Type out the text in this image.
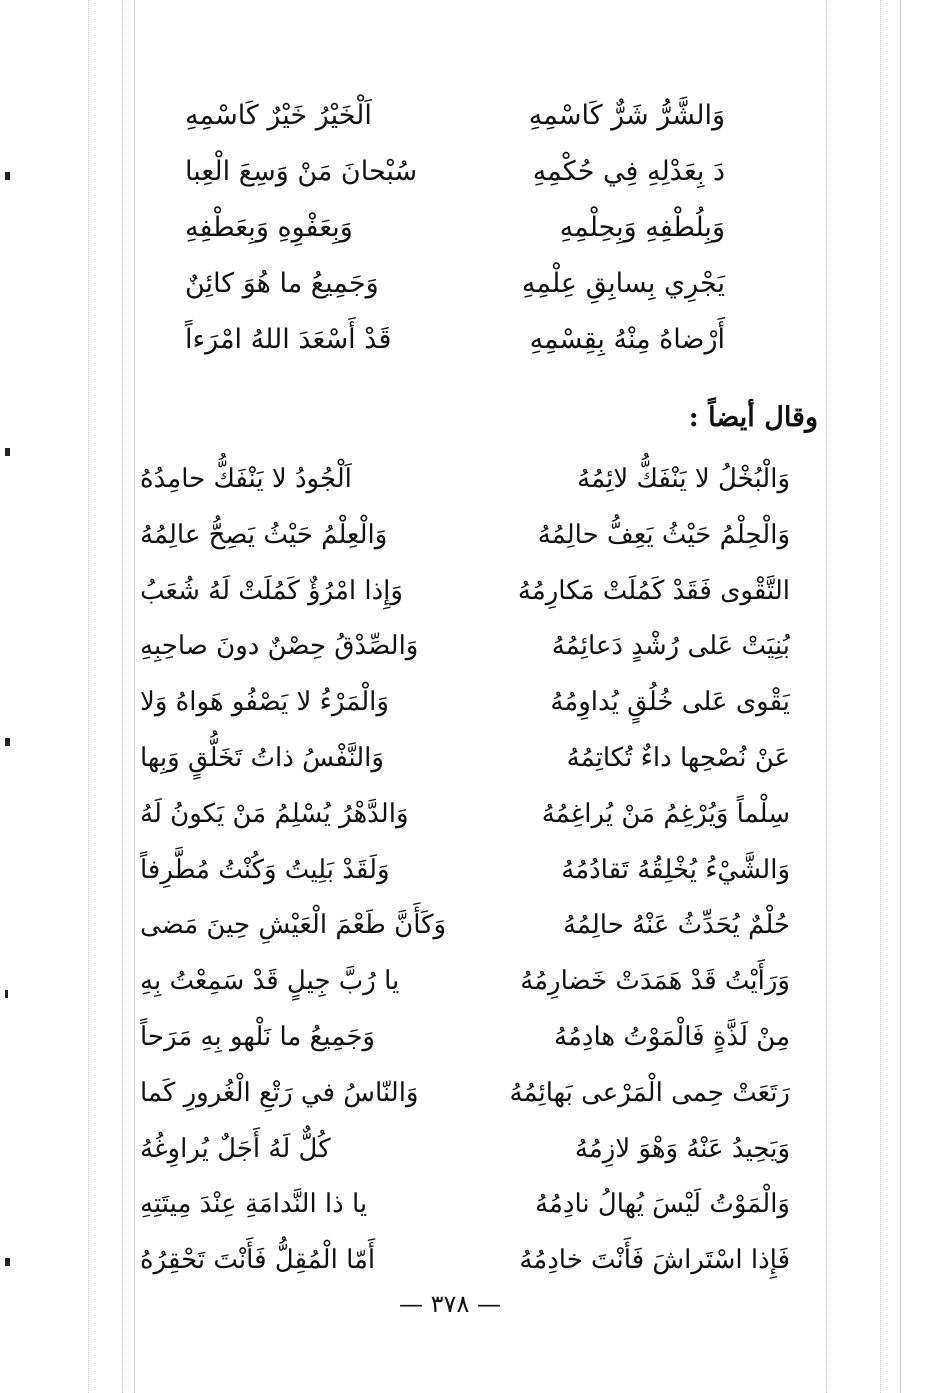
اَلْخَيْرُ خَيْرٌ كَاسْمِهِ	وَالشَّرُّ شَرٌّ كَاسْمِهِ
سُبْحانَ مَنْ وَسِعَ الْعِبا	دَ بِعَدْلِهِ فِي حُكْمِهِ
وَبِعَفْوِهِ وَبِعَطْفِهِ	وَبِلُطْفِهِ وَبِحِلْمِهِ
وَجَمِيعُ ما هُوَ كائِنٌ	يَجْرِي بِسابِقِ عِلْمِهِ
قَدْ أَسْعَدَ اللهُ امْرَءاً	أَرْضاهُ مِنْهُ بِقِسْمِهِ
وقال أيضاً :
اَلْجُودُ لا يَنْفَكُّ حامِدُهُ	وَالْبُخْلُ لا يَنْفَكُّ لائِمُهُ
وَالْعِلْمُ حَيْثُ يَصِحُّ عالِمُهُ	وَالْحِلْمُ حَيْثُ يَعِفُّ حالِمُهُ
وَإِذا امْرُؤٌ كَمُلَتْ لَهُ شُعَبُ	التَّقْوى فَقَدْ كَمُلَتْ مَكارِمُهُ
وَالصِّدْقُ حِصْنٌ دونَ صاحِبِهِ	بُنِيَتْ عَلى رُشْدٍ دَعائِمُهُ
وَالْمَرْءُ لا يَصْفُو هَواهُ وَلا	يَقْوى عَلى خُلُقٍ يُداوِمُهُ
وَالنَّفْسُ ذاتُ تَخَلُّقٍ وَبِها	عَنْ نُصْحِها داءٌ تُكاتِمُهُ
وَالدَّهْرُ يُسْلِمُ مَنْ يَكونُ لَهُ	سِلْماً وَيُرْغِمُ مَنْ يُراغِمُهُ
وَلَقَدْ بَلِيتُ وَكُنْتُ مُطَّرِفاً	وَالشَّيْءُ يُخْلِقُهُ تَقادُمُهُ
وَكَأَنَّ طَعْمَ الْعَيْشِ حِينَ مَضى	حُلْمٌ يُحَدِّثُ عَنْهُ حالِمُهُ
يا رُبَّ جِيلٍ قَدْ سَمِعْتُ بِهِ	وَرَأَيْتُ قَدْ هَمَدَتْ خَضارِمُهُ
وَجَمِيعُ ما نَلْهو بِهِ مَرَحاً	مِنْ لَذَّةٍ فَالْمَوْتُ هادِمُهُ
وَالنّاسُ في رَتْعِ الْغُرورِ كَما	رَتَعَتْ حِمى الْمَرْعى بَهائِمُهُ
كُلٌّ لَهُ أَجَلٌ يُراوِغُهُ	وَيَحِيدُ عَنْهُ وَهْوَ لازِمُهُ
يا ذا النَّدامَةِ عِنْدَ مِيتَتِهِ	وَالْمَوْتُ لَيْسَ يُهالُ نادِمُهُ
أَمّا الْمُقِلُّ فَأَنْتَ تَحْقِرُهُ	فَإِذا اسْتَراشَ فَأَنْتَ خادِمُهُ
— ٣٧٨ —
